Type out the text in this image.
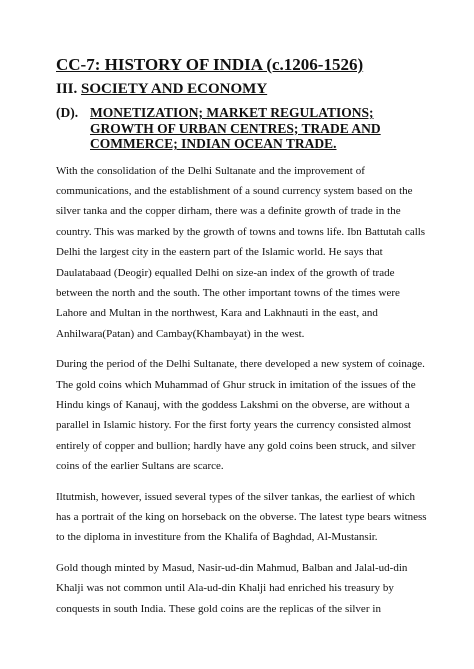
CC-7: HISTORY OF INDIA (c.1206-1526)
III. SOCIETY AND ECONOMY
(D). MONETIZATION; MARKET REGULATIONS; GROWTH OF URBAN CENTRES; TRADE AND COMMERCE; INDIAN OCEAN TRADE.

With the consolidation of the Delhi Sultanate and the improvement of communications, and the establishment of a sound currency system based on the silver tanka and the copper dirham, there was a definite growth of trade in the country. This was marked by the growth of towns and towns life. Ibn Battutah calls Delhi the largest city in the eastern part of the Islamic world. He says that Daulatabaad (Deogir) equalled Delhi on size-an index of the growth of trade between the north and the south. The other important towns of the times were Lahore and Multan in the northwest, Kara and Lakhnauti in the east, and Anhilwara(Patan) and Cambay(Khambayat) in the west.

During the period of the Delhi Sultanate, there developed a new system of coinage. The gold coins which Muhammad of Ghur struck in imitation of the issues of the Hindu kings of Kanauj, with the goddess Lakshmi on the obverse, are without a parallel in Islamic history. For the first forty years the currency consisted almost entirely of copper and bullion; hardly have any gold coins been struck, and silver coins of the earlier Sultans are scarce.

Iltutmish, however, issued several types of the silver tankas, the earliest of which has a portrait of the king on horseback on the obverse. The latest type bears witness to the diploma in investiture from the Khalifa of Baghdad, Al-Mustansir.

Gold though minted by Masud, Nasir-ud-din Mahmud, Balban and Jalal-ud-din Khalji was not common until Ala-ud-din Khalji had enriched his treasury by conquests in south India. These gold coins are the replicas of the silver in
